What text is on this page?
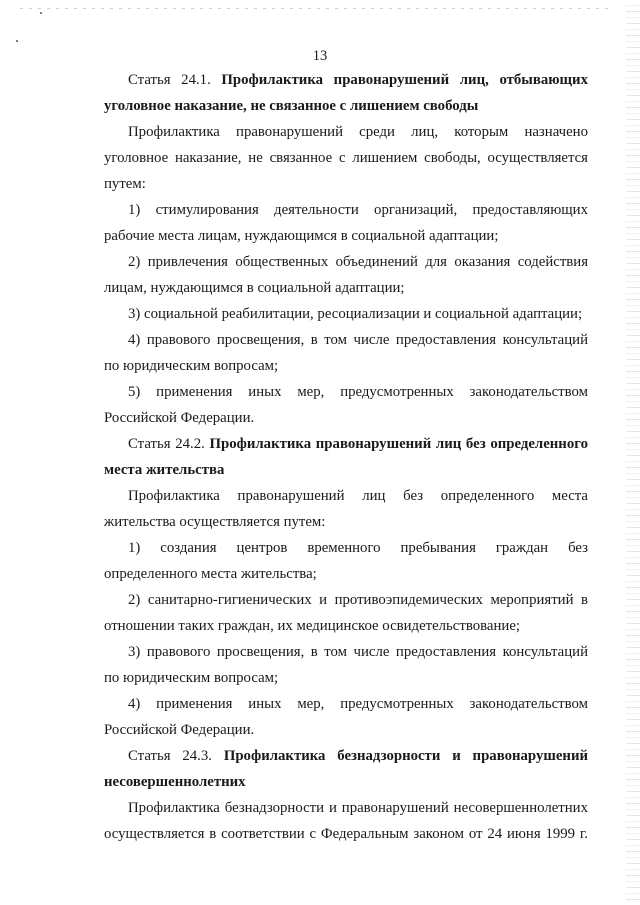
13
Статья 24.1. Профилактика правонарушений лиц, отбывающих
уголовное наказание, не связанное с лишением свободы
Профилактика правонарушений среди лиц, которым назначено
уголовное наказание, не связанное с лишением свободы, осуществляется
путем:
1) стимулирования деятельности организаций, предоставляющих
рабочие места лицам, нуждающимся в социальной адаптации;
2) привлечения общественных объединений для оказания содействия
лицам, нуждающимся в социальной адаптации;
3) социальной реабилитации, ресоциализации и социальной адаптации;
4) правового просвещения, в том числе предоставления консультаций
по юридическим вопросам;
5) применения иных мер, предусмотренных законодательством
Российской Федерации.
Статья 24.2. Профилактика правонарушений лиц без определенного
места жительства
Профилактика правонарушений лиц без определенного места
жительства осуществляется путем:
1) создания центров временного пребывания граждан без
определенного места жительства;
2) санитарно-гигиенических и противоэпидемических мероприятий в
отношении таких граждан, их медицинское освидетельствование;
3) правового просвещения, в том числе предоставления консультаций
по юридическим вопросам;
4) применения иных мер, предусмотренных законодательством
Российской Федерации.
Статья 24.3. Профилактика безнадзорности и правонарушений
несовершеннолетних
Профилактика безнадзорности и правонарушений несовершеннолетних
осуществляется в соответствии с Федеральным законом от 24 июня 1999 г.
